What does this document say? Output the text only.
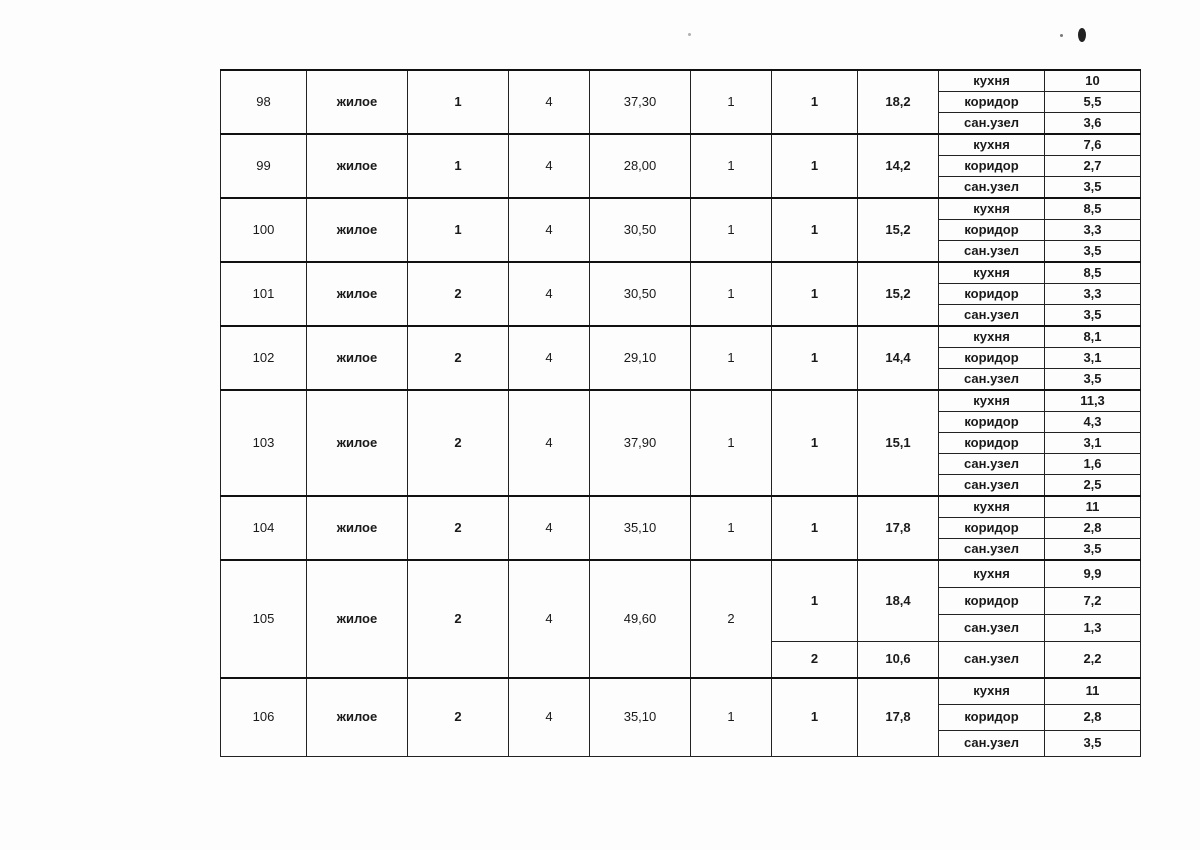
98	жилое	1	4	37,30	1	1	18,2	кухня	10
								коридор	5,5
								сан.узел	3,6
99	жилое	1	4	28,00	1	1	14,2	кухня	7,6
								коридор	2,7
								сан.узел	3,5
100	жилое	1	4	30,50	1	1	15,2	кухня	8,5
								коридор	3,3
								сан.узел	3,5
101	жилое	2	4	30,50	1	1	15,2	кухня	8,5
								коридор	3,3
								сан.узел	3,5
102	жилое	2	4	29,10	1	1	14,4	кухня	8,1
								коридор	3,1
								сан.узел	3,5
103	жилое	2	4	37,90	1	1	15,1	кухня	11,3
								коридор	4,3
								коридор	3,1
								сан.узел	1,6
								сан.узел	2,5
104	жилое	2	4	35,10	1	1	17,8	кухня	11
								коридор	2,8
								сан.узел	3,5
105	жилое	2	4	49,60	2	1	18,4	кухня	9,9
								коридор	7,2
								сан.узел	1,3
						2	10,6	сан.узел	2,2
106	жилое	2	4	35,10	1	1	17,8	кухня	11
								коридор	2,8
								сан.узел	3,5
